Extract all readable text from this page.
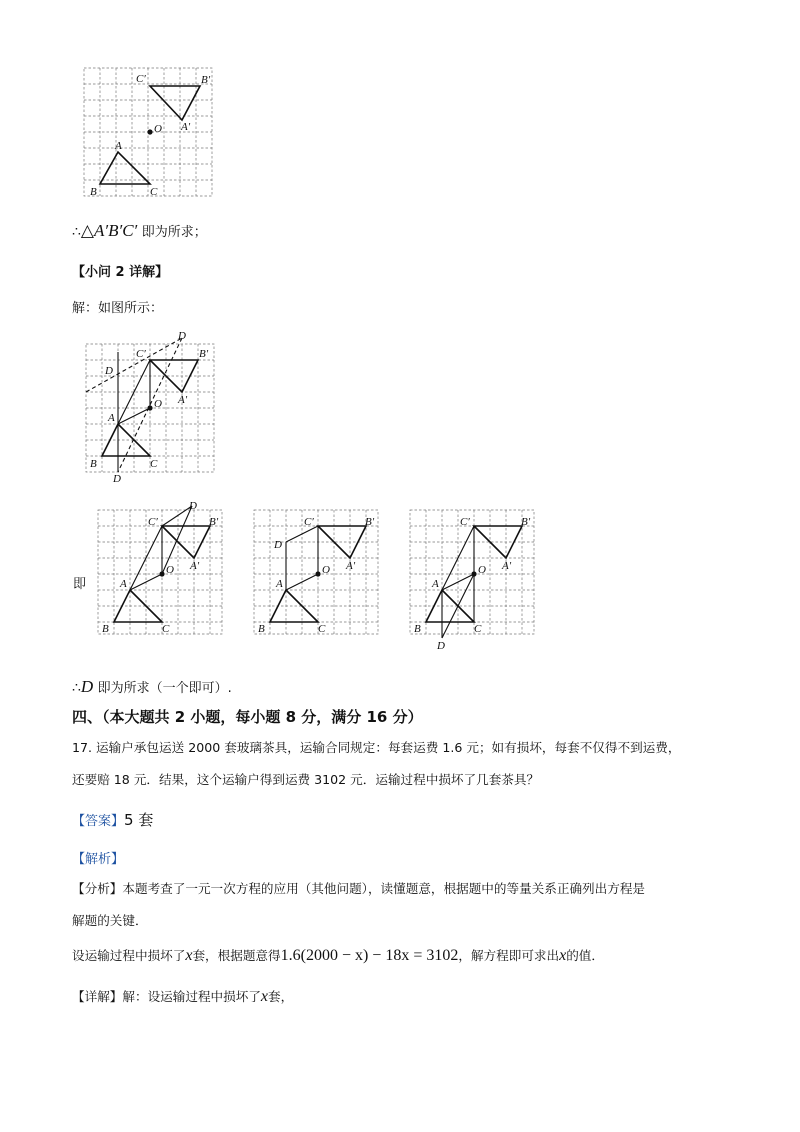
C′	B′
A′
O
A
B	C
∴△A′B′C′ 即为所求；
【小问 2 详解】
解：如图所示：
D
C′	B′
D
A′
O
A
B	C
D
即
D
C′	B′
A′
O
A
B	C
C′	B′
D
A′
O
A
B	C
C′	B′
A′
O
A
B	C
D
∴D 即为所求（一个即可）.
四、（本大题共 2 小题，每小题 8 分，满分 16 分）
17. 运输户承包运送 2000 套玻璃茶具，运输合同规定：每套运费 1.6 元；如有损坏，每套不仅得不到运费，
还要赔 18 元．结果，这个运输户得到运费 3102 元．运输过程中损坏了几套茶具？
【答案】5 套
【解析】
【分析】本题考查了一元一次方程的应用（其他问题），读懂题意，根据题中的等量关系正确列出方程是
解题的关键．
设运输过程中损坏了x套，根据题意得1.6(2000 − x) − 18x = 3102，解方程即可求出x的值．
【详解】解：设运输过程中损坏了x套，
